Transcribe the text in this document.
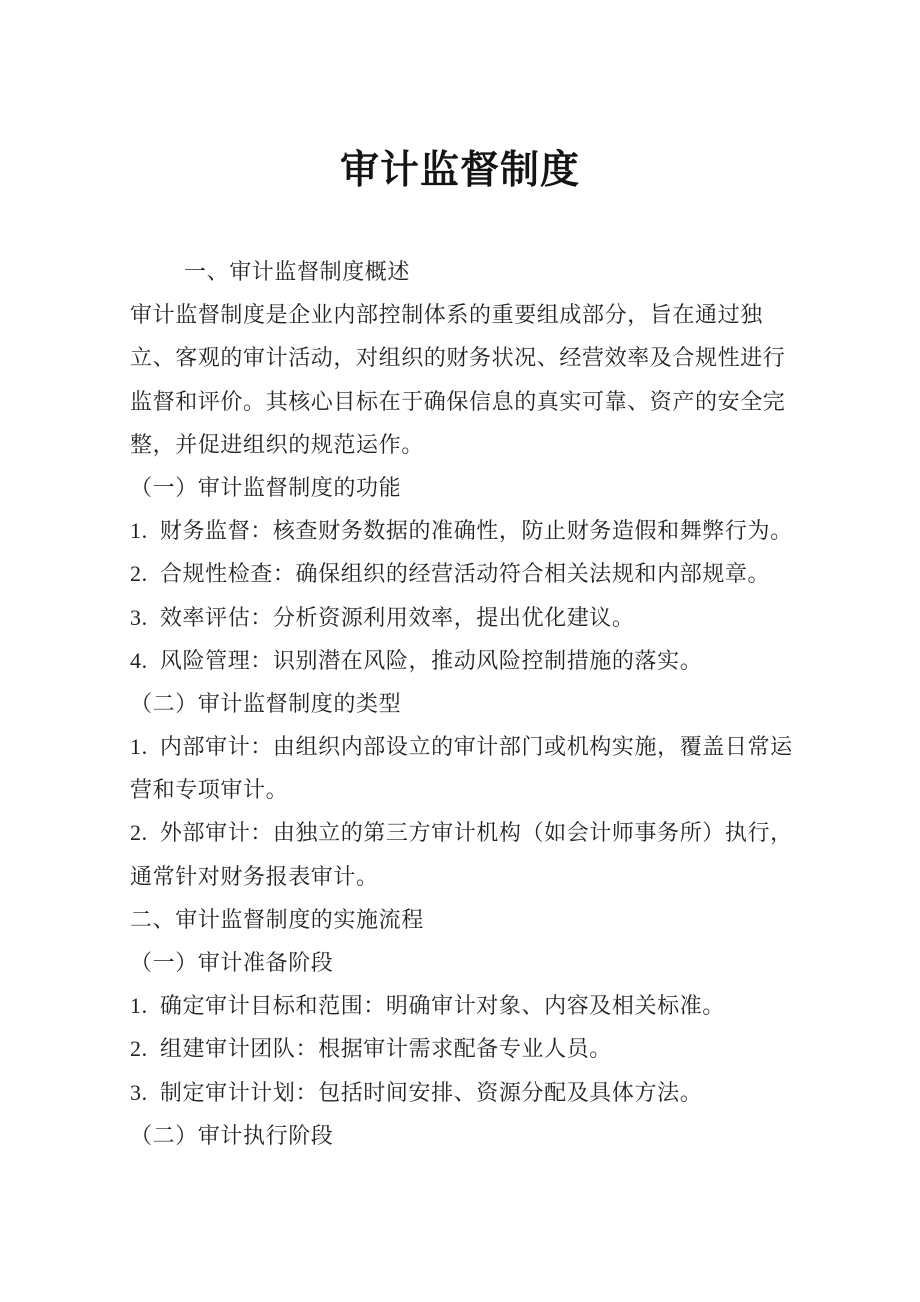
审计监督制度
一、审计监督制度概述
审计监督制度是企业内部控制体系的重要组成部分，旨在通过独
立、客观的审计活动，对组织的财务状况、经营效率及合规性进行
监督和评价。其核心目标在于确保信息的真实可靠、资产的安全完
整，并促进组织的规范运作。
（一）审计监督制度的功能
1.  财务监督：核查财务数据的准确性，防止财务造假和舞弊行为。
2.  合规性检查：确保组织的经营活动符合相关法规和内部规章。
3.  效率评估：分析资源利用效率，提出优化建议。
4.  风险管理：识别潜在风险，推动风险控制措施的落实。
（二）审计监督制度的类型
1.  内部审计：由组织内部设立的审计部门或机构实施，覆盖日常运
营和专项审计。
2.  外部审计：由独立的第三方审计机构（如会计师事务所）执行，
通常针对财务报表审计。
二、审计监督制度的实施流程
（一）审计准备阶段
1.  确定审计目标和范围：明确审计对象、内容及相关标准。
2.  组建审计团队：根据审计需求配备专业人员。
3.  制定审计计划：包括时间安排、资源分配及具体方法。
（二）审计执行阶段
